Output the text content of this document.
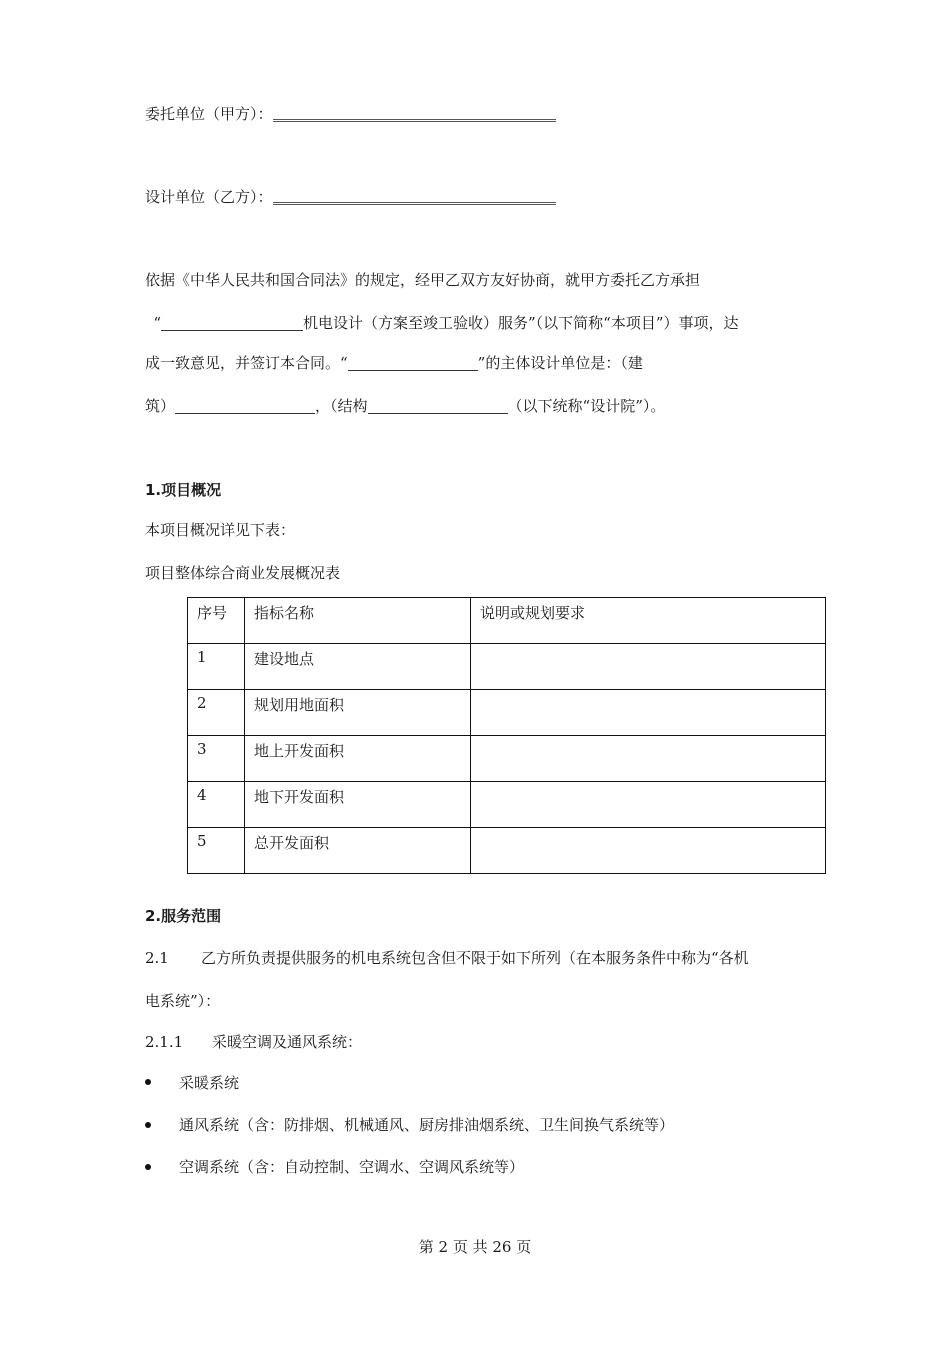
委托单位（甲方）：
设计单位（乙方）：
依据《中华人民共和国合同法》的规定，经甲乙双方友好协商，就甲方委托乙方承担
“	机电设计（方案至竣工验收）服务”（以下简称“本项目”）事项，达
成一致意见，并签订本合同。“	”的主体设计单位是：（建
筑）	，（结构	（以下统称“设计院”）。
1.项目概况
本项目概况详见下表：
项目整体综合商业发展概况表
序号	指标名称	说明或规划要求
1	建设地点	
2	规划用地面积	
3	地上开发面积	
4	地下开发面积	
5	总开发面积	
2.服务范围
2.1 乙方所负责提供服务的机电系统包含但不限于如下所列（在本服务条件中称为“各机
电系统”）：
2.1.1 采暖空调及通风系统：
采暖系统
通风系统（含：防排烟、机械通风、厨房排油烟系统、卫生间换气系统等）
空调系统（含：自动控制、空调水、空调风系统等）
第 2 页 共 26 页
